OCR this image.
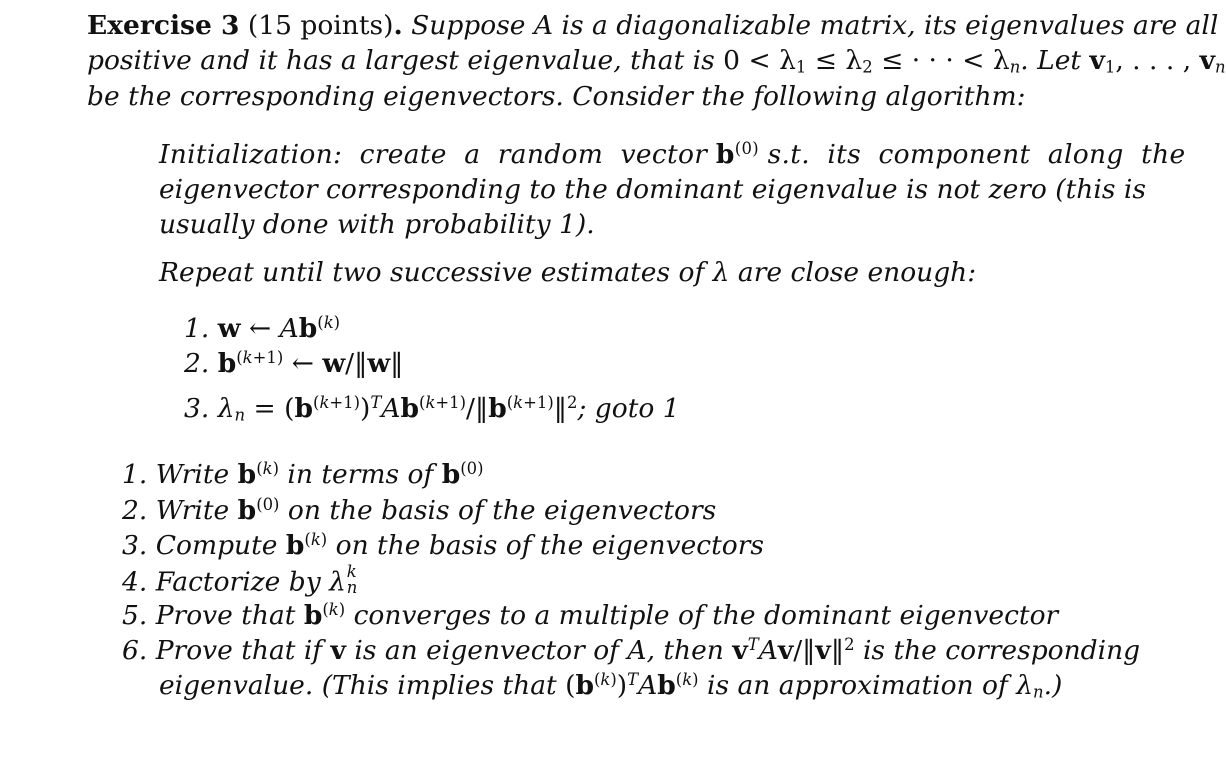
Exercise 3 (15 points). Suppose A is a diagonalizable matrix, its eigenvalues are all
positive and it has a largest eigenvalue, that is $0 < \lambda_1 \le \lambda_2$ ≤ · · · < $\lambda_n$. Let $v_1$, . . . , $v_n$
be the corresponding eigenvectors. Consider the following algorithm:
Initialization:  create  a  random  vector $b^{(0)}$ s.t.  its  component  along  the
eigenvector corresponding to the dominant eigenvalue is not zero (this is
usually done with probability 1).
Repeat until two successive estimates of λ are close enough:
1. w ← Ab$^{(k)}$
2. $b^{(k+1)}$ ← w/‖w‖
3. $\lambda_n$ = $(b^{(k+1)})^TAb^{(k+1)}/‖b^{(k+1)}‖^2$; goto 1
1. Write $b^{(k)}$ in terms of $b^{(0)}$
2. Write $b^{(0)}$ on the basis of the eigenvectors
3. Compute $b^{(k)}$ on the basis of the eigenvectors
4. Factorize by λ k
n
5. Prove that $b^{(k)}$ converges to a multiple of the dominant eigenvector
6. Prove that if v is an eigenvector of A, then $v^TAv/‖v‖^2$ is the corresponding
eigenvalue. (This implies that $(b^{(k)})^TAb^{(k)}$ is an approximation of $\lambda_n$.)
